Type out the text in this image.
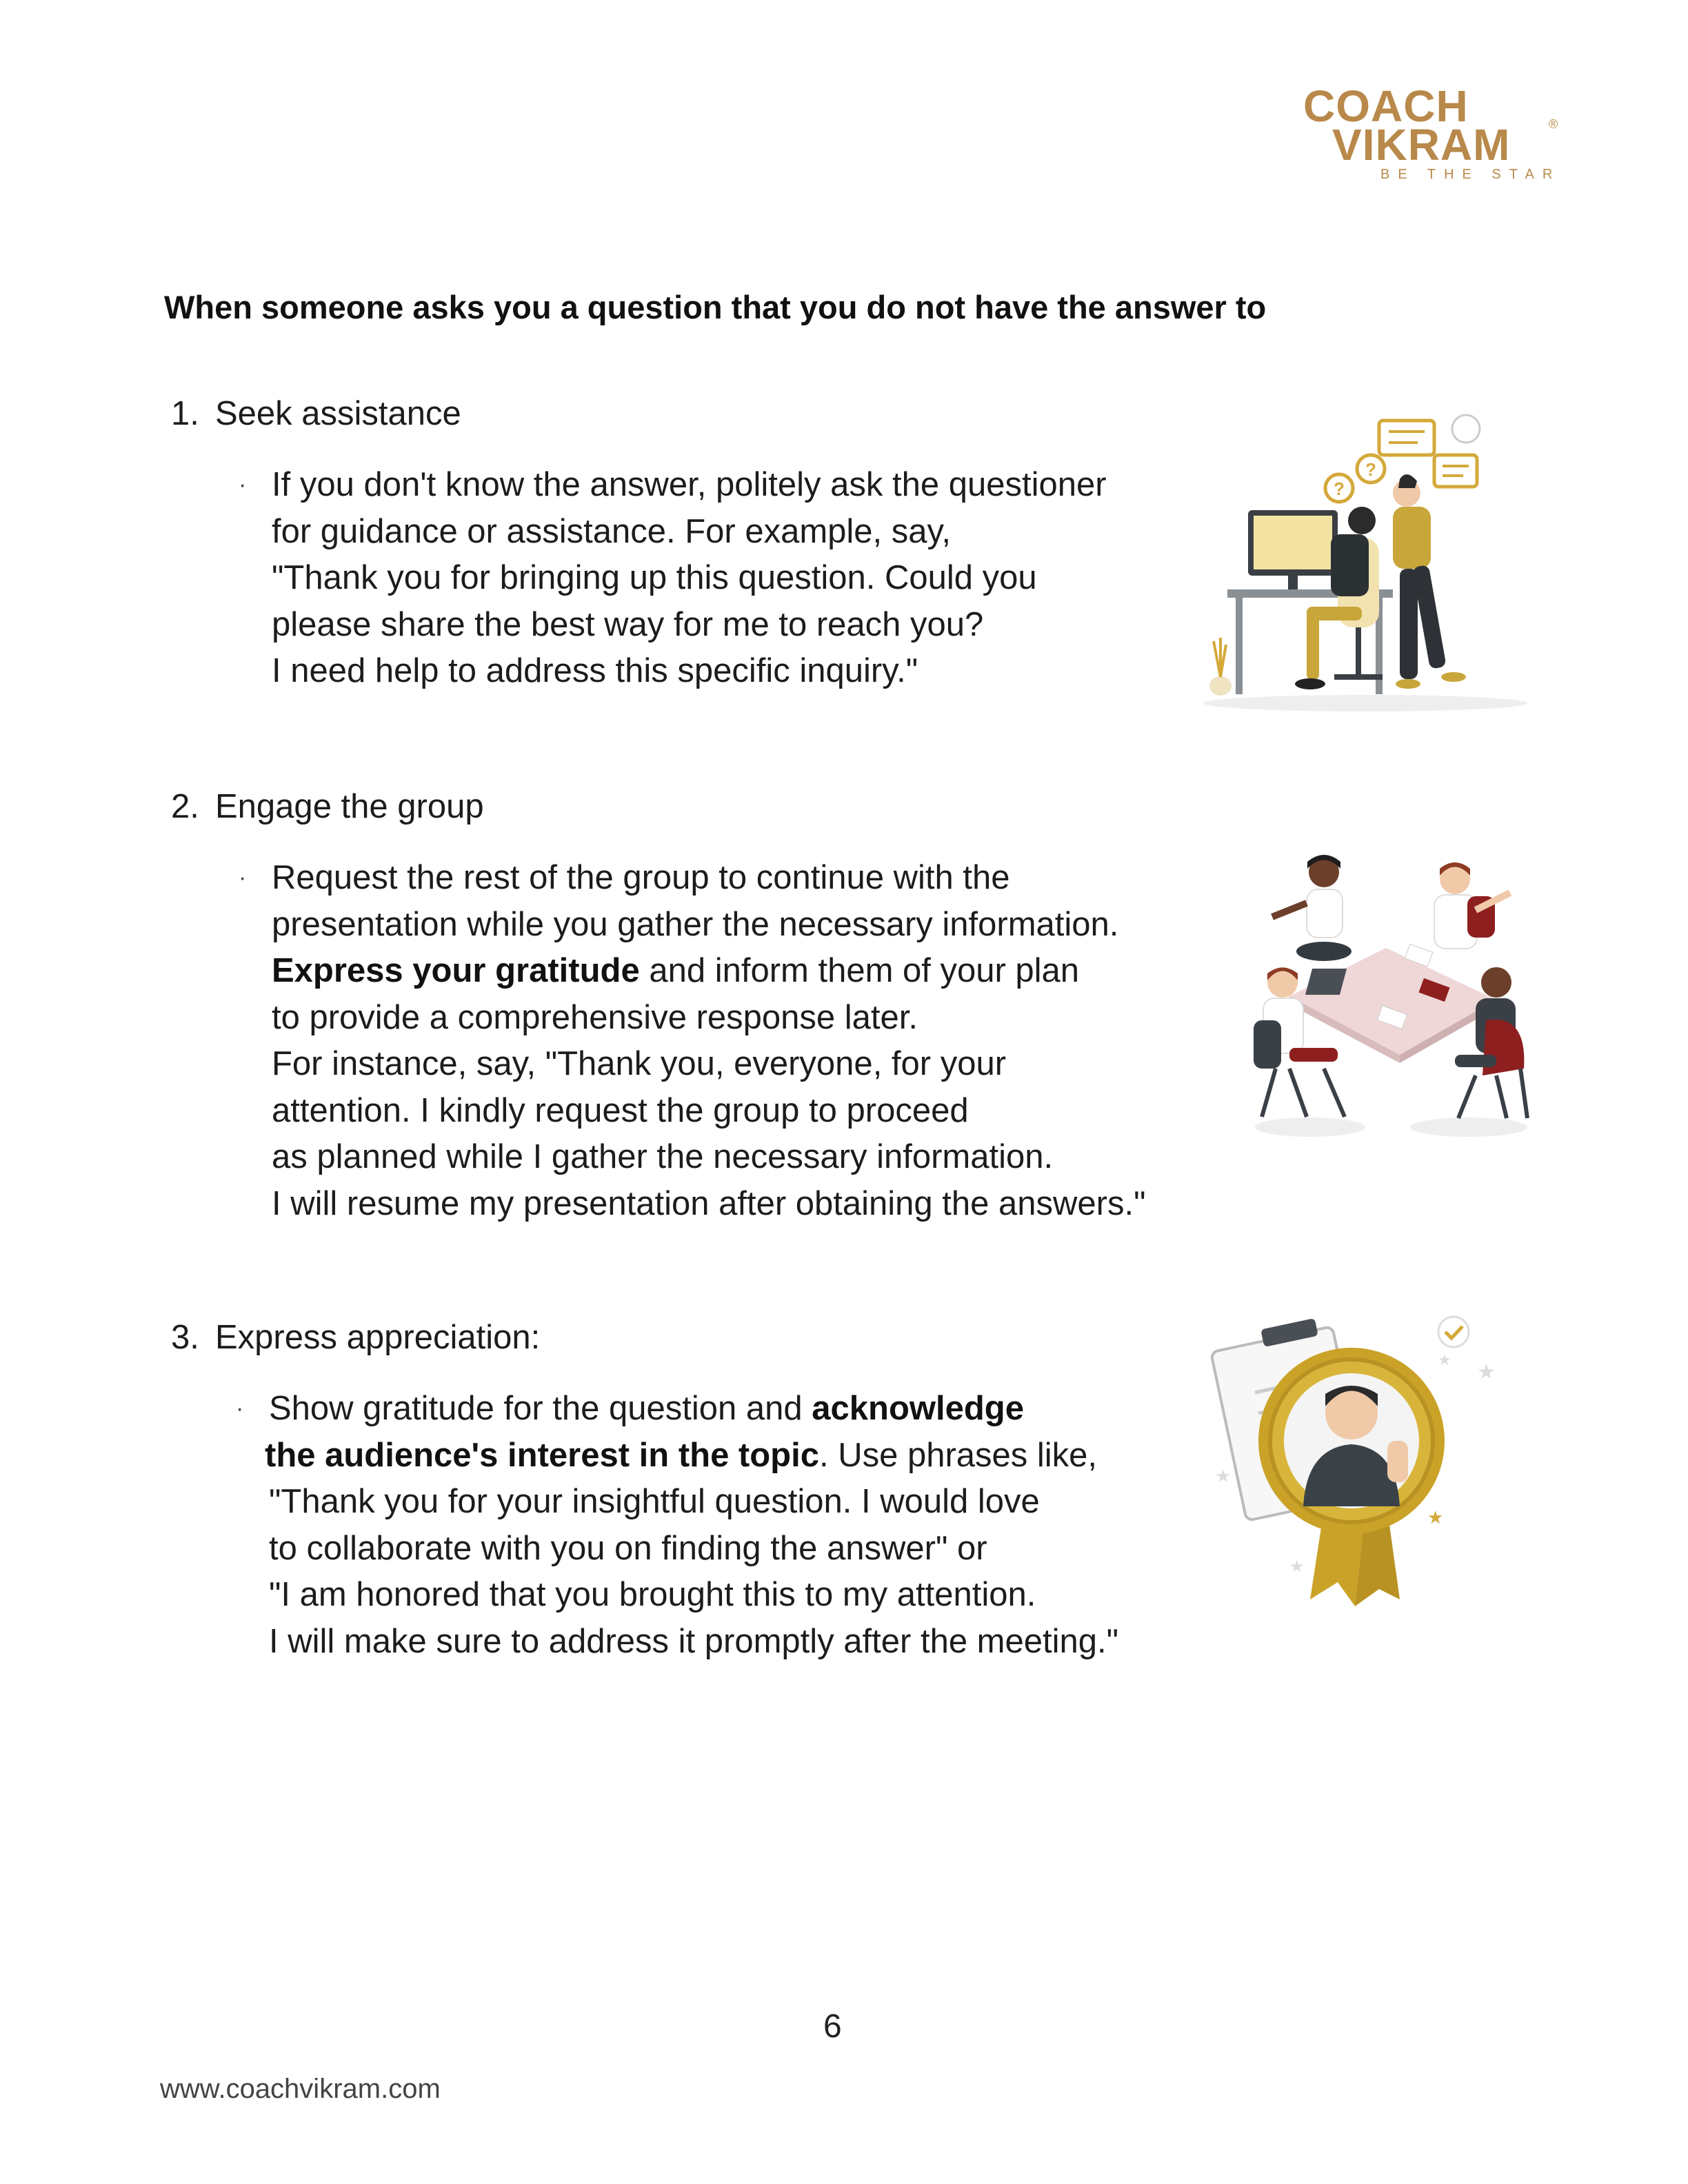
COACH
VIKRAM	®
BE THE STAR
When someone asks you a question that you do not have the answer to
1. Seek assistance
· If you don't know the answer, politely ask the questioner
for guidance or assistance. For example, say,
"Thank you for bringing up this question. Could you
please share the best way for me to reach you?
I need help to address this specific inquiry."
?
?
2. Engage the group
· Request the rest of the group to continue with the
presentation while you gather the necessary information.
Express your gratitude and inform them of your plan
to provide a comprehensive response later.
For instance, say, "Thank you, everyone, for your
attention. I kindly request the group to proceed
as planned while I gather the necessary information.
I will resume my presentation after obtaining the answers."
3. Express appreciation:
· Show gratitude for the question and acknowledge
the audience's interest in the topic. Use phrases like,
"Thank you for your insightful question. I would love
to collaborate with you on finding the answer" or
"I am honored that you brought this to my attention.
I will make sure to address it promptly after the meeting."
★
★
★
★
★
6
www.coachvikram.com
